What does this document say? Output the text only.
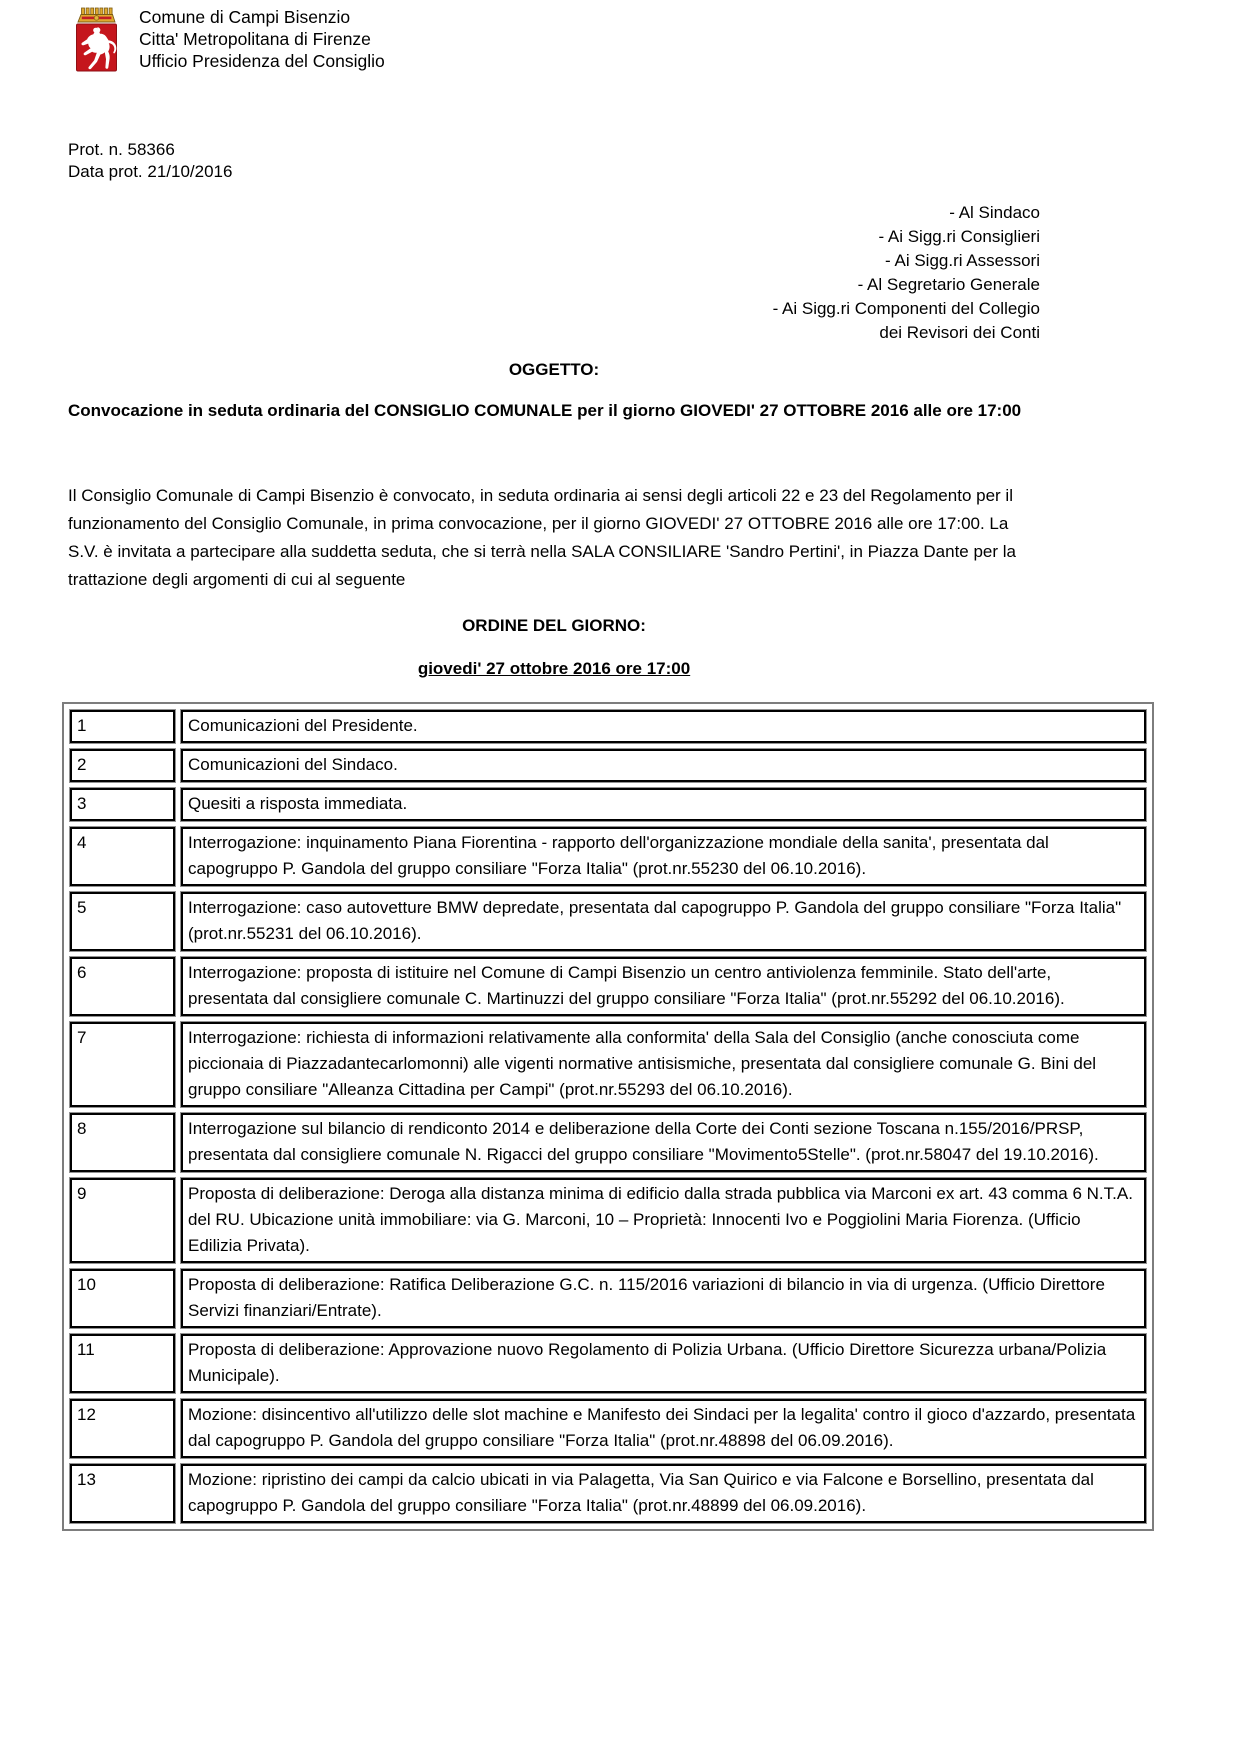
Comune di Campi Bisenzio
Citta' Metropolitana di Firenze
Ufficio Presidenza del Consiglio
Prot. n. 58366
Data prot. 21/10/2016
- Al Sindaco
- Ai Sigg.ri Consiglieri
- Ai Sigg.ri Assessori
- Al Segretario Generale
- Ai Sigg.ri Componenti del Collegio
dei Revisori dei Conti
OGGETTO:

Convocazione in seduta ordinaria del CONSIGLIO COMUNALE per il giorno GIOVEDI' 27 OTTOBRE 2016 alle ore 17:00

Il Consiglio Comunale di Campi Bisenzio è convocato, in seduta ordinaria ai sensi degli articoli 22 e 23 del Regolamento per il funzionamento del Consiglio Comunale, in prima convocazione, per il giorno GIOVEDI' 27 OTTOBRE 2016 alle ore 17:00. La S.V. è invitata a partecipare alla suddetta seduta, che si terrà nella SALA CONSILIARE 'Sandro Pertini', in Piazza Dante per la trattazione degli argomenti di cui al seguente

ORDINE DEL GIORNO:
giovedi' 27 ottobre 2016 ore 17:00
1	Comunicazioni del Presidente.
2	Comunicazioni del Sindaco.
3	Quesiti a risposta immediata.
4	Interrogazione: inquinamento Piana Fiorentina - rapporto dell'organizzazione mondiale della sanita', presentata dal capogruppo P. Gandola del gruppo consiliare "Forza Italia" (prot.nr.55230 del 06.10.2016).
5	Interrogazione: caso autovetture BMW depredate, presentata dal capogruppo P. Gandola del gruppo consiliare "Forza Italia" (prot.nr.55231 del 06.10.2016).
6	Interrogazione: proposta di istituire nel Comune di Campi Bisenzio un centro antiviolenza femminile. Stato dell'arte, presentata dal consigliere comunale C. Martinuzzi del gruppo consiliare "Forza Italia" (prot.nr.55292 del 06.10.2016).
7	Interrogazione: richiesta di informazioni relativamente alla conformita' della Sala del Consiglio (anche conosciuta come piccionaia di Piazzadantecarlomonni) alle vigenti normative antisismiche, presentata dal consigliere comunale G. Bini del gruppo consiliare "Alleanza Cittadina per Campi" (prot.nr.55293 del 06.10.2016).
8	Interrogazione sul bilancio di rendiconto 2014 e deliberazione della Corte dei Conti sezione Toscana n.155/2016/PRSP, presentata dal consigliere comunale N. Rigacci del gruppo consiliare "Movimento5Stelle". (prot.nr.58047 del 19.10.2016).
9	Proposta di deliberazione: Deroga alla distanza minima di edificio dalla strada pubblica via Marconi ex art. 43 comma 6 N.T.A. del RU. Ubicazione unità immobiliare: via G. Marconi, 10 – Proprietà: Innocenti Ivo e Poggiolini Maria Fiorenza. (Ufficio Edilizia Privata).
10	Proposta di deliberazione: Ratifica Deliberazione G.C. n. 115/2016 variazioni di bilancio in via di urgenza. (Ufficio Direttore Servizi finanziari/Entrate).
11	Proposta di deliberazione: Approvazione nuovo Regolamento di Polizia Urbana. (Ufficio Direttore Sicurezza urbana/Polizia Municipale).
12	Mozione: disincentivo all'utilizzo delle slot machine e Manifesto dei Sindaci per la legalita' contro il gioco d'azzardo, presentata dal capogruppo P. Gandola del gruppo consiliare "Forza Italia" (prot.nr.48898 del 06.09.2016).
13	Mozione: ripristino dei campi da calcio ubicati in via Palagetta, Via San Quirico e via Falcone e Borsellino, presentata dal capogruppo P. Gandola del gruppo consiliare "Forza Italia" (prot.nr.48899 del 06.09.2016).
